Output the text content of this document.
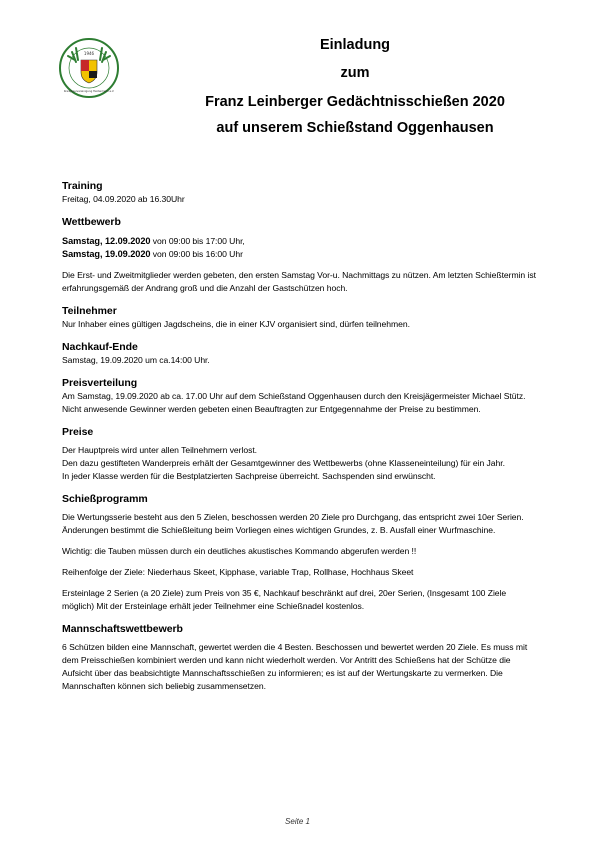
1946
Kreisjägervereinigung Heidenheim e.V.
Einladung
zum
Franz Leinberger Gedächtnisschießen 2020
auf unserem Schießstand Oggenhausen
Training

Freitag, 04.09.2020 ab 16.30Uhr

Wettbewerb

Samstag, 12.09.2020 von 09:00 bis 17:00 Uhr,

Samstag, 19.09.2020 von 09:00 bis 16:00 Uhr

Die Erst- und Zweitmitglieder werden gebeten, den ersten Samstag Vor-u. Nachmittags zu nützen. Am letzten Schießtermin ist erfahrungsgemäß der Andrang groß und die Anzahl der Gastschützen hoch.

Teilnehmer

Nur Inhaber eines gültigen Jagdscheins, die in einer KJV organisiert sind, dürfen teilnehmen.

Nachkauf-Ende

Samstag, 19.09.2020 um ca.14:00 Uhr.

Preisverteilung

Am Samstag, 19.09.2020 ab ca. 17.00 Uhr auf dem Schießstand Oggenhausen durch den Kreisjägermeister Michael Stütz. Nicht anwesende Gewinner werden gebeten einen Beauftragten zur Entgegennahme der Preise zu bestimmen.

Preise

Der Hauptpreis wird unter allen Teilnehmern verlost.

Den dazu gestifteten Wanderpreis erhält der Gesamtgewinner des Wettbewerbs (ohne Klasseneinteilung) für ein Jahr.

In jeder Klasse werden für die Bestplatzierten Sachpreise überreicht. Sachspenden sind erwünscht.

Schießprogramm

Die Wertungsserie besteht aus den 5 Zielen, beschossen werden 20 Ziele pro Durchgang, das entspricht zwei 10er Serien. Änderungen bestimmt die Schießleitung beim Vorliegen eines wichtigen Grundes, z. B. Ausfall einer Wurfmaschine.

Wichtig: die Tauben müssen durch ein deutliches akustisches Kommando abgerufen werden !!

Reihenfolge der Ziele: Niederhaus Skeet, Kipphase, variable Trap, Rollhase, Hochhaus Skeet

Ersteinlage 2 Serien (a 20 Ziele) zum Preis von 35 €, Nachkauf beschränkt auf drei, 20er Serien, (Insgesamt 100 Ziele möglich) Mit der Ersteinlage erhält jeder Teilnehmer eine Schießnadel kostenlos.

Mannschaftswettbewerb

6 Schützen bilden eine Mannschaft, gewertet werden die 4 Besten. Beschossen und bewertet werden 20 Ziele. Es muss mit dem Preisschießen kombiniert werden und kann nicht wiederholt werden. Vor Antritt des Schießens hat der Schütze die Aufsicht über das beabsichtigte Mannschaftsschießen zu informieren; es ist auf der Wertungskarte zu vermerken. Die Mannschaften können sich beliebig zusammensetzen.

Seite 1
